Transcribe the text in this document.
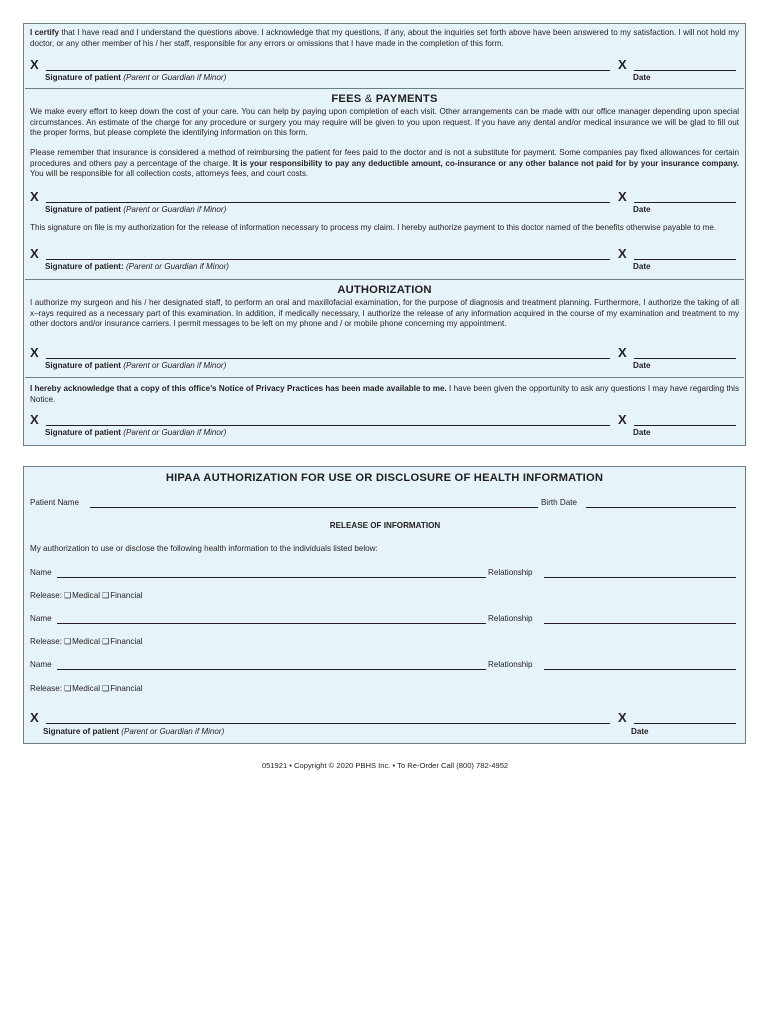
I certify that I have read and I understand the questions above. I acknowledge that my questions, if any, about the inquiries set forth above have been answered to my satisfaction. I will not hold my doctor, or any other member of his / her staff, responsible for any errors or omissions that I have made in the completion of this form.
X	X
Signature of patient (Parent or Guardian if Minor)	Date
FEES & PAYMENTS
We make every effort to keep down the cost of your care. You can help by paying upon completion of each visit. Other arrangements can be made with our office manager depending upon special circumstances. An estimate of the charge for any procedure or surgery you may require will be given to you upon request. If you have any dental and/or medical insurance we will be glad to fill out the proper forms, but please complete the identifying information on this form.
Please remember that insurance is considered a method of reimbursing the patient for fees paid to the doctor and is not a substitute for payment. Some companies pay fixed allowances for certain procedures and others pay a percentage of the charge. It is your responsibility to pay any deductible amount, co-insurance or any other balance not paid for by your insurance company. You will be responsible for all collection costs, attorneys fees, and court costs.
X	X
Signature of patient (Parent or Guardian if Minor)	Date
This signature on file is my authorization for the release of information necessary to process my claim. I hereby authorize payment to this doctor named of the benefits otherwise payable to me.
X	X
Signature of patient: (Parent or Guardian if Minor)	Date
AUTHORIZATION
I authorize my surgeon and his / her designated staff, to perform an oral and maxillofacial examination, for the purpose of diagnosis and treatment planning. Furthermore, I authorize the taking of all x–rays required as a necessary part of this examination. In addition, if medically necessary, I authorize the release of any information acquired in the course of my examination and treatment to my other doctors and/or insurance carriers. I permit messages to be left on my phone and / or mobile phone concerning my appointment.
X	X
Signature of patient (Parent or Guardian if Minor)	Date
I hereby acknowledge that a copy of this office’s Notice of Privacy Practices has been made available to me. I have been given the opportunity to ask any questions I may have regarding this Notice.
X	X
Signature of patient (Parent or Guardian if Minor)	Date
HIPAA AUTHORIZATION FOR USE OR DISCLOSURE OF HEALTH INFORMATION
Patient Name	Birth Date
RELEASE OF INFORMATION
My authorization to use or disclose the following health information to the individuals listed below:
Name	Relationship
Release: ❑Medical ❑Financial
Name	Relationship
Release: ❑Medical ❑Financial
Name	Relationship
Release: ❑Medical ❑Financial
X	X
Signature of patient (Parent or Guardian if Minor)	Date
051921 • Copyright © 2020 PBHS Inc. • To Re-Order Call (800) 782-4952
